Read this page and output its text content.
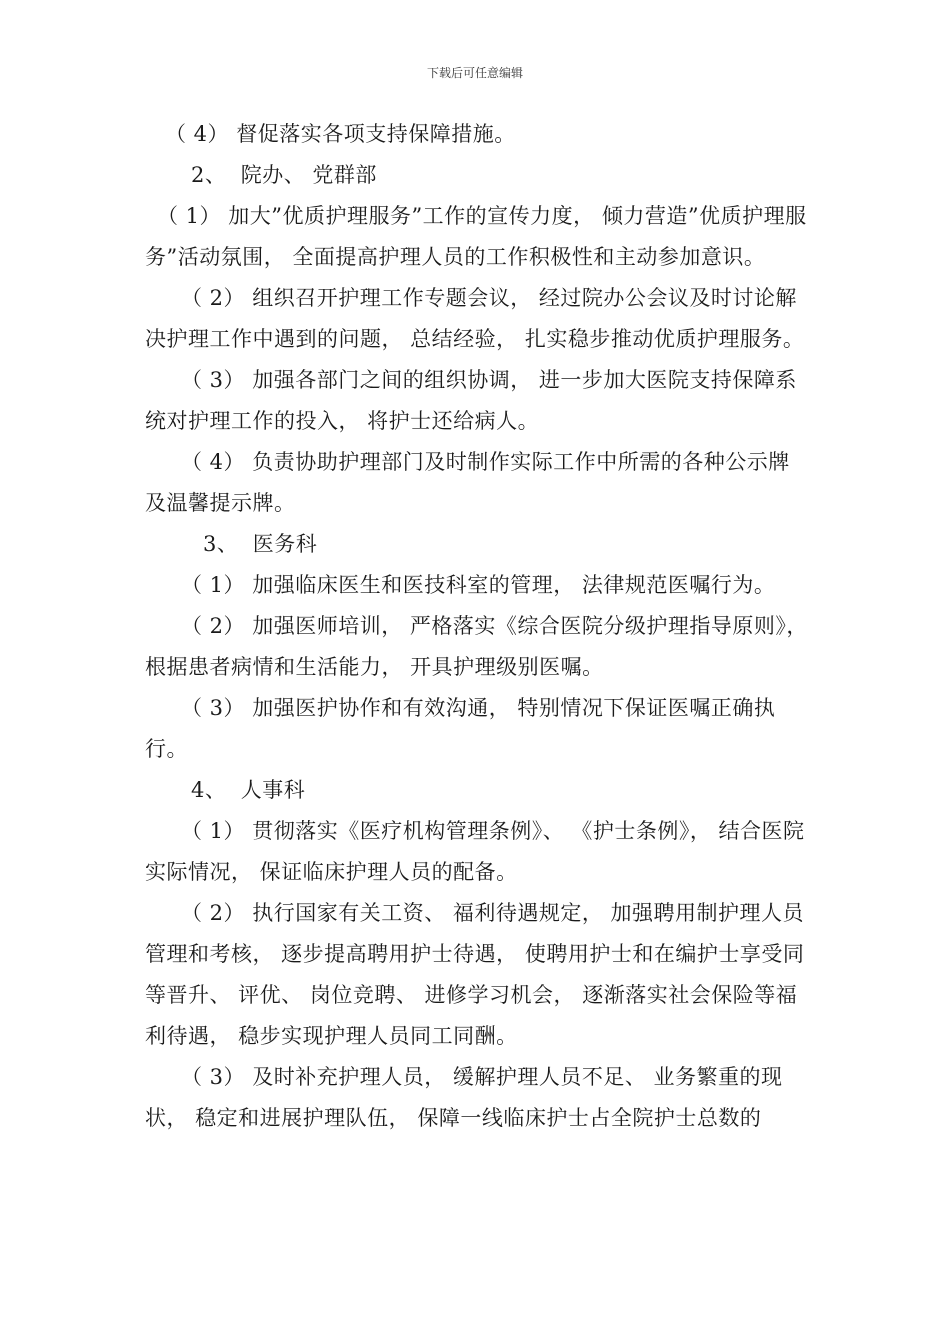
下载后可任意编辑

（ 4） 督促落实各项支持保障措施。

2、  院办、 党群部

（ 1） 加大”优质护理服务”工作的宣传力度， 倾力营造”优质护理服务”活动氛围， 全面提高护理人员的工作积极性和主动参加意识。

（ 2） 组织召开护理工作专题会议， 经过院办公会议及时讨论解决护理工作中遇到的问题， 总结经验， 扎实稳步推动优质护理服务。

（ 3） 加强各部门之间的组织协调， 进一步加大医院支持保障系统对护理工作的投入， 将护士还给病人。

（ 4） 负责协助护理部门及时制作实际工作中所需的各种公示牌及温馨提示牌。

3、  医务科

（ 1） 加强临床医生和医技科室的管理， 法律规范医嘱行为。

（ 2） 加强医师培训， 严格落实《综合医院分级护理指导原则》， 根据患者病情和生活能力， 开具护理级别医嘱。

（ 3） 加强医护协作和有效沟通， 特别情况下保证医嘱正确执行。

4、  人事科

（ 1） 贯彻落实《医疗机构管理条例》、 《护士条例》， 结合医院实际情况， 保证临床护理人员的配备。

（ 2） 执行国家有关工资、 福利待遇规定， 加强聘用制护理人员管理和考核， 逐步提高聘用护士待遇， 使聘用护士和在编护士享受同等晋升、 评优、 岗位竞聘、 进修学习机会， 逐渐落实社会保险等福利待遇， 稳步实现护理人员同工同酬。

（ 3） 及时补充护理人员， 缓解护理人员不足、 业务繁重的现状， 稳定和进展护理队伍， 保障一线临床护士占全院护士总数的
